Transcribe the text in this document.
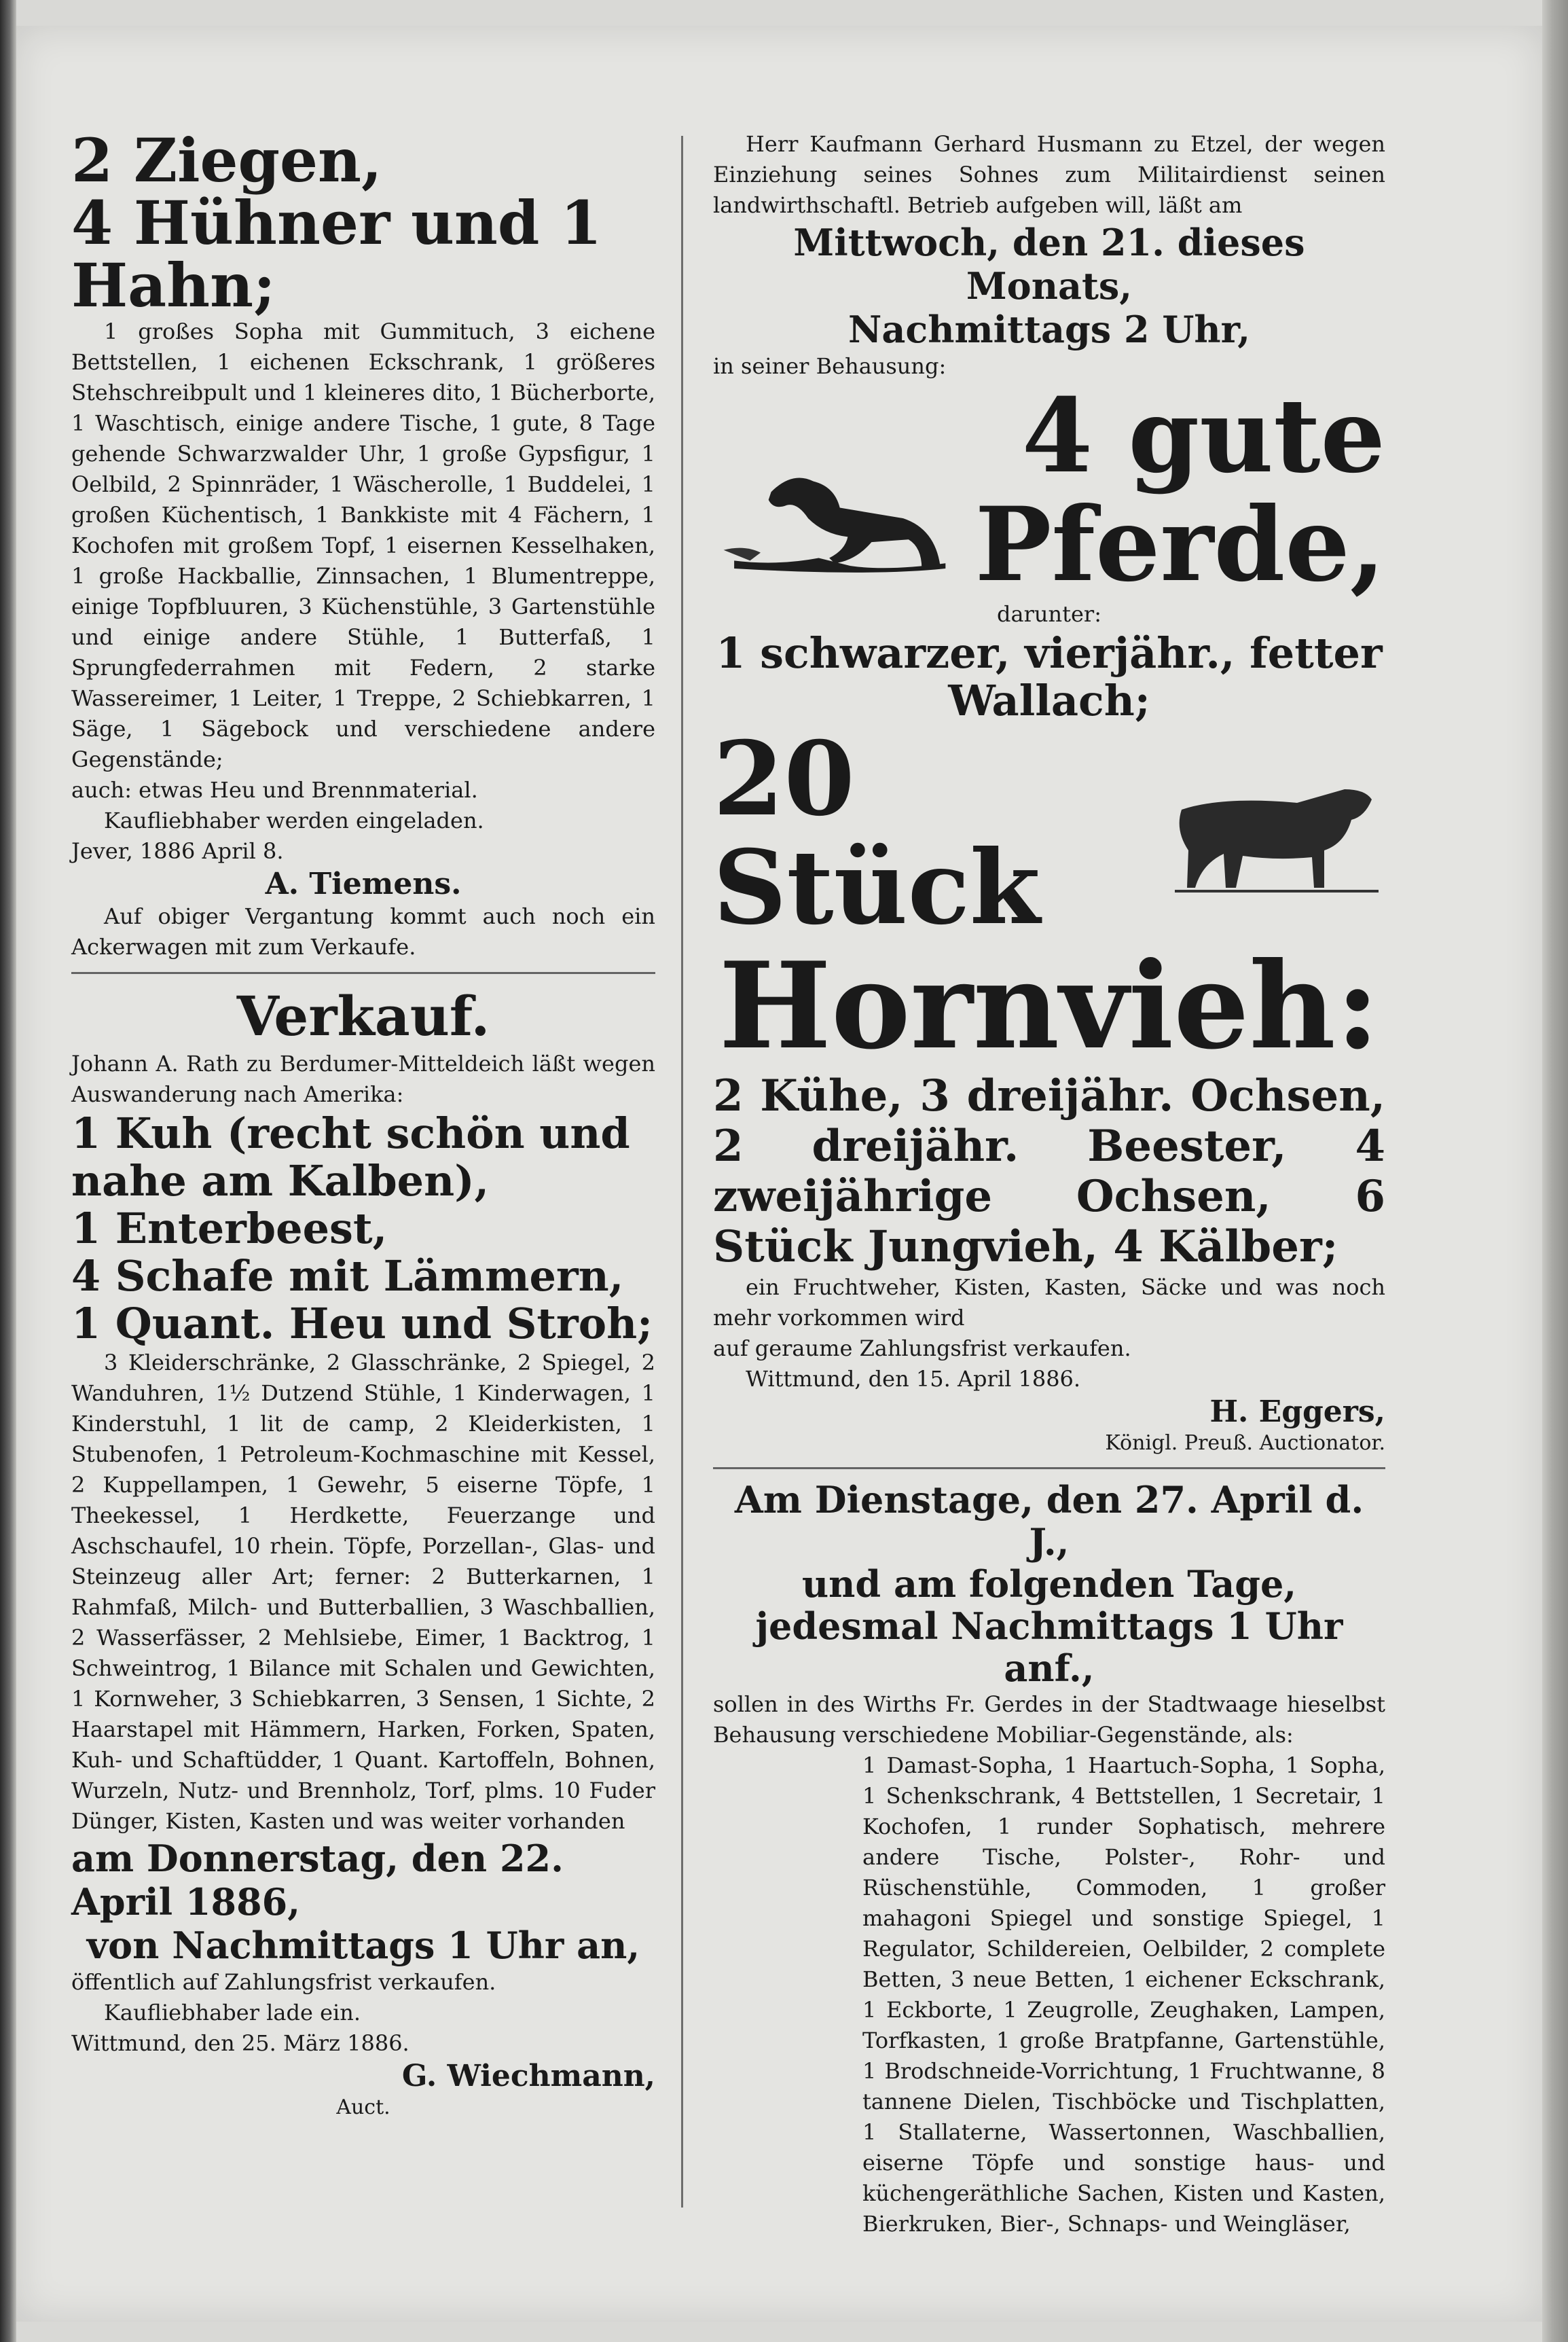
2 Ziegen,
4 Hühner und 1 Hahn;
1 großes Sopha mit Gummituch, 3 eichene Bettstellen, 1 eichenen Eckschrank, 1 größeres Stehschreibpult und 1 kleineres dito, 1 Bücherborte, 1 Waschtisch, einige andere Tische, 1 gute, 8 Tage gehende Schwarzwalder Uhr, 1 große Gypsfigur, 1 Oelbild, 2 Spinnräder, 1 Wäscherolle, 1 Buddelei, 1 großen Küchentisch, 1 Bankkiste mit 4 Fächern, 1 Kochofen mit großem Topf, 1 eisernen Kesselhaken, 1 große Hackballie, Zinnsachen, 1 Blumentreppe, einige Topfbluuren, 3 Küchenstühle, 3 Gartenstühle und einige andere Stühle, 1 Butterfaß, 1 Sprungfederrahmen mit Federn, 2 starke Wassereimer, 1 Leiter, 1 Treppe, 2 Schiebkarren, 1 Säge, 1 Sägebock und verschiedene andere Gegenstände;
auch: etwas Heu und Brennmaterial.
Kaufliebhaber werden eingeladen.
Jever, 1886 April 8.
A. Tiemens.
Auf obiger Vergantung kommt auch noch ein Ackerwagen mit zum Verkaufe.
Verkauf.
Johann A. Rath zu Berdumer-Mitteldeich läßt wegen Auswanderung nach Amerika:
1 Kuh (recht schön und nahe am Kalben),
1 Enterbeest,
4 Schafe mit Lämmern,
1 Quant. Heu und Stroh;
3 Kleiderschränke, 2 Glasschränke, 2 Spiegel, 2 Wanduhren, 1½ Dutzend Stühle, 1 Kinderwagen, 1 Kinderstuhl, 1 lit de camp, 2 Kleiderkisten, 1 Stubenofen, 1 Petroleum-Kochmaschine mit Kessel, 2 Kuppellampen, 1 Gewehr, 5 eiserne Töpfe, 1 Theekessel, 1 Herdkette, Feuerzange und Aschschaufel, 10 rhein. Töpfe, Porzellan-, Glas- und Steinzeug aller Art; ferner: 2 Butterkarnen, 1 Rahmfaß, Milch- und Butterballien, 3 Waschballien, 2 Wasserfässer, 2 Mehlsiebe, Eimer, 1 Backtrog, 1 Schweintrog, 1 Bilance mit Schalen und Gewichten, 1 Kornweher, 3 Schiebkarren, 3 Sensen, 1 Sichte, 2 Haarstapel mit Hämmern, Harken, Forken, Spaten, Kuh- und Schaftüdder, 1 Quant. Kartoffeln, Bohnen, Wurzeln, Nutz- und Brennholz, Torf, plms. 10 Fuder Dünger, Kisten, Kasten und was weiter vorhanden
am Donnerstag, den 22. April 1886,
von Nachmittags 1 Uhr an,
öffentlich auf Zahlungsfrist verkaufen.
Kaufliebhaber lade ein.
Wittmund, den 25. März 1886.
G. Wiechmann,
Auct.
Herr Kaufmann Gerhard Husmann zu Etzel, der wegen Einziehung seines Sohnes zum Militairdienst seinen landwirthschaftl. Betrieb aufgeben will, läßt am
Mittwoch, den 21. dieses Monats,
Nachmittags 2 Uhr,
in seiner Behausung:
4 gute
Pferde,
darunter:
1 schwarzer, vierjähr., fetter
Wallach;
20 Stück
Hornvieh:
2 Kühe, 3 dreijähr. Ochsen, 2 dreijähr. Beester, 4 zweijährige Ochsen, 6 Stück Jungvieh, 4 Kälber;
ein Fruchtweher, Kisten, Kasten, Säcke und was noch mehr vorkommen wird
auf geraume Zahlungsfrist verkaufen.
Wittmund, den 15. April 1886.
H. Eggers,
Königl. Preuß. Auctionator.
Am Dienstage, den 27. April d. J.,
und am folgenden Tage,
jedesmal Nachmittags 1 Uhr anf.,
sollen in des Wirths Fr. Gerdes in der Stadtwaage hieselbst Behausung verschiedene Mobiliar-Gegenstände, als:
1 Damast-Sopha, 1 Haartuch-Sopha, 1 Sopha, 1 Schenkschrank, 4 Bettstellen, 1 Secretair, 1 Kochofen, 1 runder Sophatisch, mehrere andere Tische, Polster-, Rohr- und Rüschenstühle, Commoden, 1 großer mahagoni Spiegel und sonstige Spiegel, 1 Regulator, Schildereien, Oelbilder, 2 complete Betten, 3 neue Betten, 1 eichener Eckschrank, 1 Eckborte, 1 Zeugrolle, Zeughaken, Lampen, Torfkasten, 1 große Bratpfanne, Gartenstühle, 1 Brodschneide-Vorrichtung, 1 Fruchtwanne, 8 tannene Dielen, Tischböcke und Tischplatten, 1 Stallaterne, Wassertonnen, Waschballien, eiserne Töpfe und sonstige haus- und küchengeräthliche Sachen, Kisten und Kasten, Bierkruken, Bier-, Schnaps- und Weingläser,
